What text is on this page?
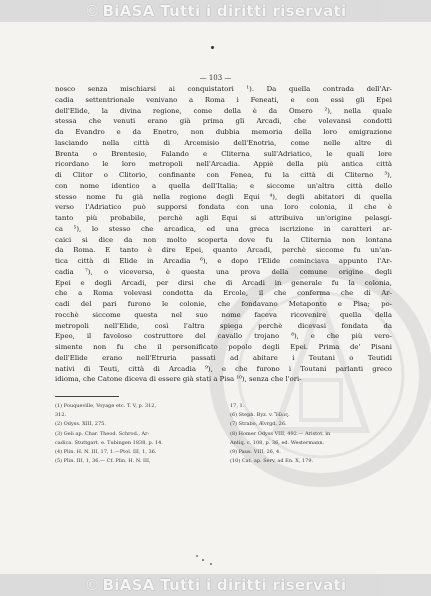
© BiASA Tutti i diritti riservati
— 103 —
nosco senza mischiarsi ai conquistatori ¹). Da quella contrada dell'Ar-
cadia settentrionale venivano a Roma i Feneati, e con essi gli Epei
dell'Elide, la divina regione, come della è da Omero ²), nella quale
stessa che venuti erano già prima gli Arcadi, che volevansi condotti
da Evandro e da Enotro, non dubbia memoria della loro emigrazione
lasciando nella città di Arcemisio dell'Enotria, come nelle altre di
Brenta o Brentesio, Falando e Cliterna sull'Adriatico, le quali lore
ricordano le loro metropoli nell'Arcadia. Appiè della più antica città
di Clitor o Clitorio, confinante con Fenea, fu la città di Cliterno ³),
con nome identico a quella dell'Italia; e siccome un'altra città dello
stesso nome fu già nella regione degli Equi ⁴), degli abitatori di quella
verso l'Adriatico può supporsi fondata con una loro colonia, il che è
tanto più probabile, perchè agli Equi si attribuiva un'origine pelasgi-
ca ⁵), lo stesso che arcadica, ed una greca iscrizione in caratteri ar-
caici si dice da non molto scoperta dove fu la Cliternia non lontana
da Roma. E tanto è dire Epei, quanto Arcadi, perchè siccome fu un'an-
tica città di Elide in Arcadia ⁶), e dopo l'Elide cominciava appunto l'Ar-
cadia ⁷), o viceversa, è questa una prova della comune origine degli
Epei e degli Arcadi, per dirsi che di Arcadi in generale fu la colonia,
che a Roma volevasi condotta da Ercole, il che conferma che di Ar-
cadi del pari furono le colonie, che fondavano Metaponto e Pisa; po-
rocchè siccome questa nel suo nome faceva ricovenire quella della
metropoli nell'Elide, così l'altra spiega perchè dicevasi fondata da
Epeo, il favoloso costruttore del cavallo trojano ⁸), e che più vero-
simente non fu che il personificato popolo degli Epei. Prima de' Pisani
dell'Elide erano nell'Etruria passati ad abitare i Teutani o Teutidi
nativi di Teuti, città di Arcadia ⁹), e che furono i Toutani parlanti greco
idioma, che Catone diceva di essere già stati a Pisa ¹⁰), senza che l'ori-
(1) Pouqueville, Voyage etc. T. V, p. 312,
312.
(2) Odyss. XIII, 275.
(3) Geli ap. Char. Theod. Schrod., Ar-
cadica. Stuttgart. e. Tubingen 1838, p. 14.
(4) Plin. H. N. III, 17, 1.—Ptol. III, 1, 36.
(5) Plin. III, 1, 36.— Cf. Plin. H. N. III,
17, 1.
(6) Steph. Byz. v. Ἤλις.
(7) Strabo, Ævrgd. 26.
(8) Homer Odyss VIII, 492.— Aristot. in
Antiq. c. 108, p. 36, ed. Westermann.
(9) Paus. VIII, 26, 4.
(10) Cat. ap. Serv. ad En. X, 179.
© BiASA Tutti i diritti riservati
